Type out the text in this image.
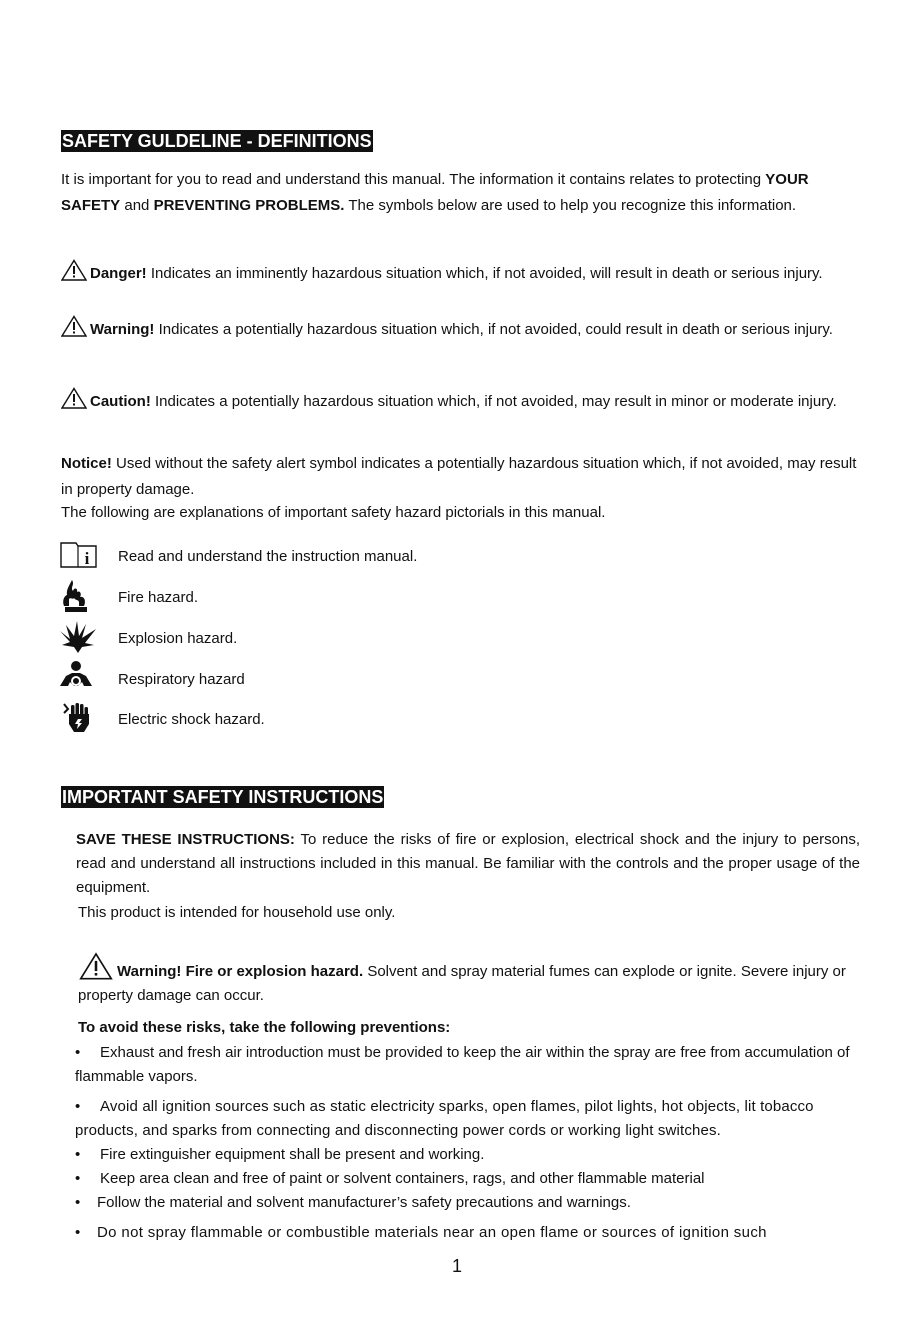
SAFETY GULDELINE - DEFINITIONS
It is important for you to read and understand this manual. The information it contains relates to protecting YOUR SAFETY and PREVENTING PROBLEMS. The symbols below are used to help you recognize this information.
Danger! Indicates an imminently hazardous situation which, if not avoided, will result in death or serious injury.
Warning! Indicates a potentially hazardous situation which, if not avoided, could result in death or serious injury.
Caution! Indicates a potentially hazardous situation which, if not avoided, may result in minor or moderate injury.
Notice! Used without the safety alert symbol indicates a potentially hazardous situation which, if not avoided, may result in property damage.
The following are explanations of important safety hazard pictorials in this manual.
i Read and understand the instruction manual.
Fire hazard.
Explosion hazard.
Respiratory hazard
Electric shock hazard.
IMPORTANT SAFETY INSTRUCTIONS
SAVE THESE INSTRUCTIONS: To reduce the risks of fire or explosion, electrical shock and the injury to persons, read and understand all instructions included in this manual. Be familiar with the controls and the proper usage of the equipment.
This product is intended for household use only.
Warning! Fire or explosion hazard. Solvent and spray material fumes can explode or ignite. Severe injury or property damage can occur.
To avoid these risks, take the following preventions:
• Exhaust and fresh air introduction must be provided to keep the air within the spray are free from accumulation of flammable vapors.
• Avoid all ignition sources such as static electricity sparks, open flames, pilot lights, hot objects, lit tobacco products, and sparks from connecting and disconnecting power cords or working light switches.
• Fire extinguisher equipment shall be present and working.
• Keep area clean and free of paint or solvent containers, rags, and other flammable material
• Follow the material and solvent manufacturer’s safety precautions and warnings.
• Do not spray flammable or combustible materials near an open flame or sources of ignition such
1
